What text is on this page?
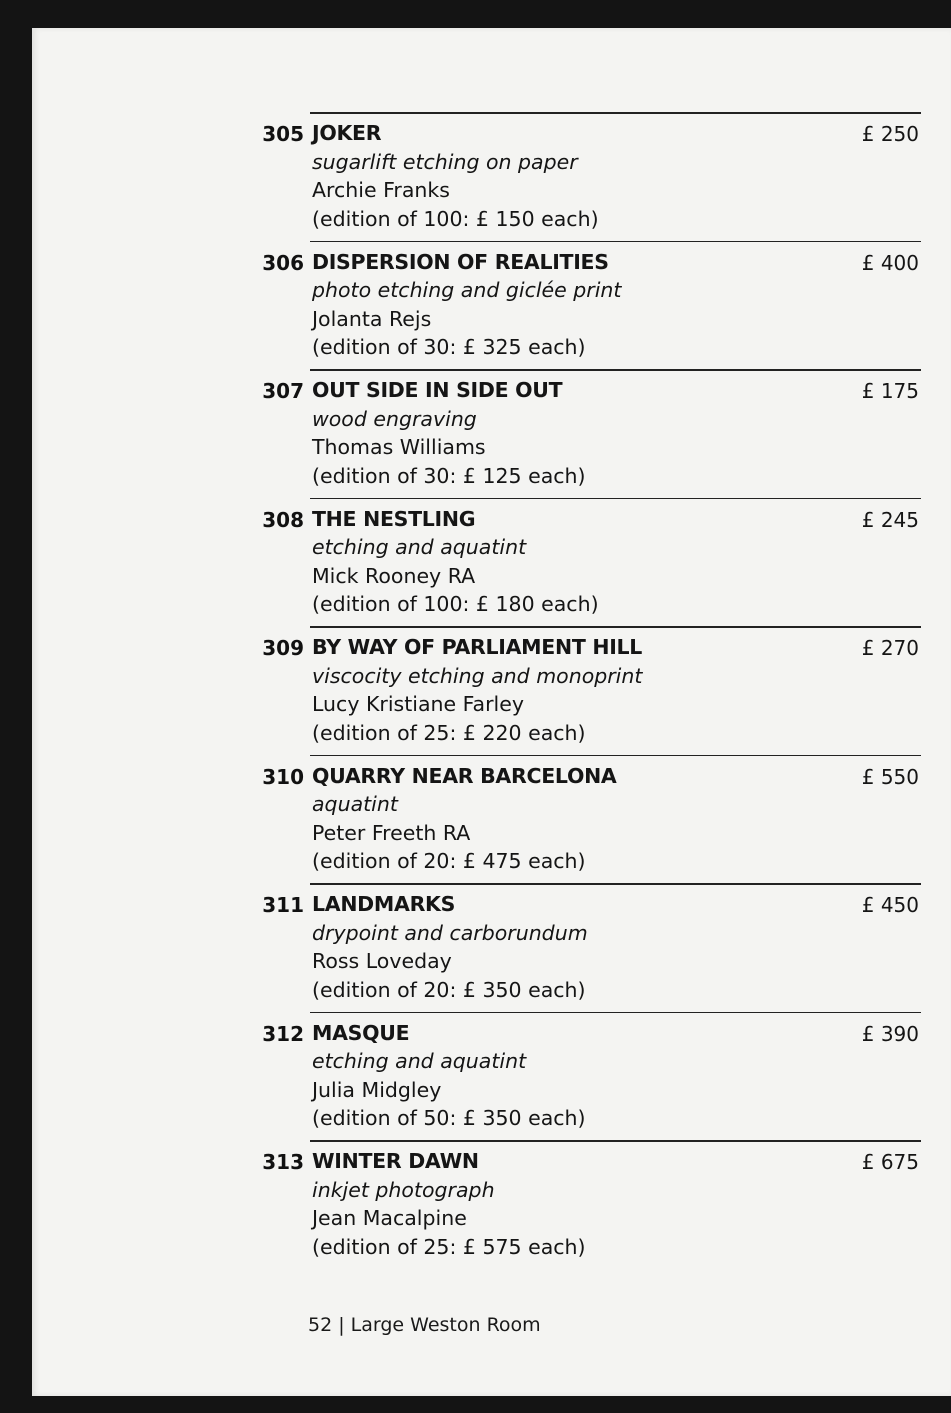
305 JOKER
sugarlift etching on paper
Archie Franks
(edition of 100: £ 150 each)
£ 250
306 DISPERSION OF REALITIES
photo etching and giclée print
Jolanta Rejs
(edition of 30: £ 325 each)
£ 400
307 OUT SIDE IN SIDE OUT
wood engraving
Thomas Williams
(edition of 30: £ 125 each)
£ 175
308 THE NESTLING
etching and aquatint
Mick Rooney RA
(edition of 100: £ 180 each)
£ 245
309 BY WAY OF PARLIAMENT HILL
viscocity etching and monoprint
Lucy Kristiane Farley
(edition of 25: £ 220 each)
£ 270
310 QUARRY NEAR BARCELONA
aquatint
Peter Freeth RA
(edition of 20: £ 475 each)
£ 550
311 LANDMARKS
drypoint and carborundum
Ross Loveday
(edition of 20: £ 350 each)
£ 450
312 MASQUE
etching and aquatint
Julia Midgley
(edition of 50: £ 350 each)
£ 390
313 WINTER DAWN
inkjet photograph
Jean Macalpine
(edition of 25: £ 575 each)
£ 675
52 | Large Weston Room
